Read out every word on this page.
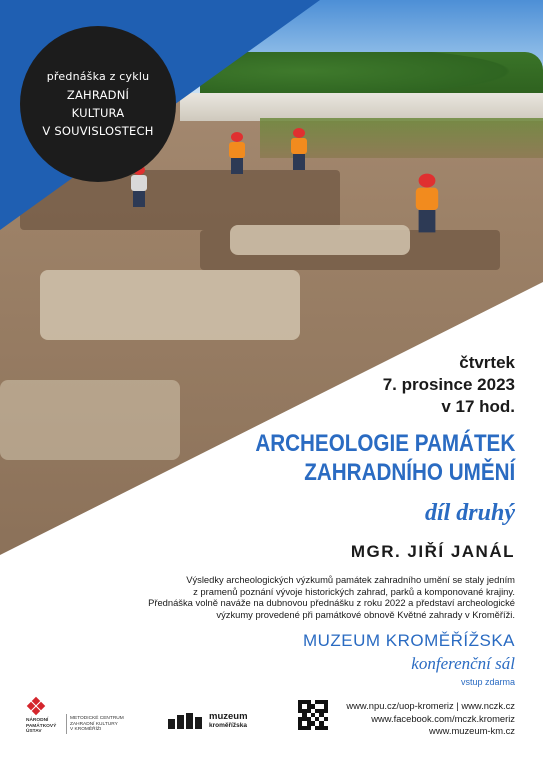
přednáška z cyklu
ZAHRADNÍ
KULTURA
V SOUVISLOSTECH
čtvrtek
7. prosince 2023
v 17 hod.
ARCHEOLOGIE PAMÁTEK
ZAHRADNÍHO UMĚNÍ
díl druhý
MGR. JIŘÍ JANÁL
Výsledky archeologických výzkumů památek zahradního umění se staly jedním
z pramenů poznání vývoje historických zahrad, parků a komponované krajiny.
Přednáška volně naváže na dubnovou přednášku z roku 2022 a představí archeologické
výzkumy provedené při památkové obnově Květné zahrady v Kroměříži.
MUZEUM KROMĚŘÍŽSKA
konferenční sál
vstup zdarma
NÁRODNÍ
PAMÁTKOVÝ
ÚSTAV
METODICKÉ CENTRUM
ZAHRADNÍ KULTURY
V KROMĚŘÍŽI
muzeum
kroměřížska
www.npu.cz/uop-kromeriz | www.nczk.cz
www.facebook.com/mczk.kromeriz
www.muzeum-km.cz
